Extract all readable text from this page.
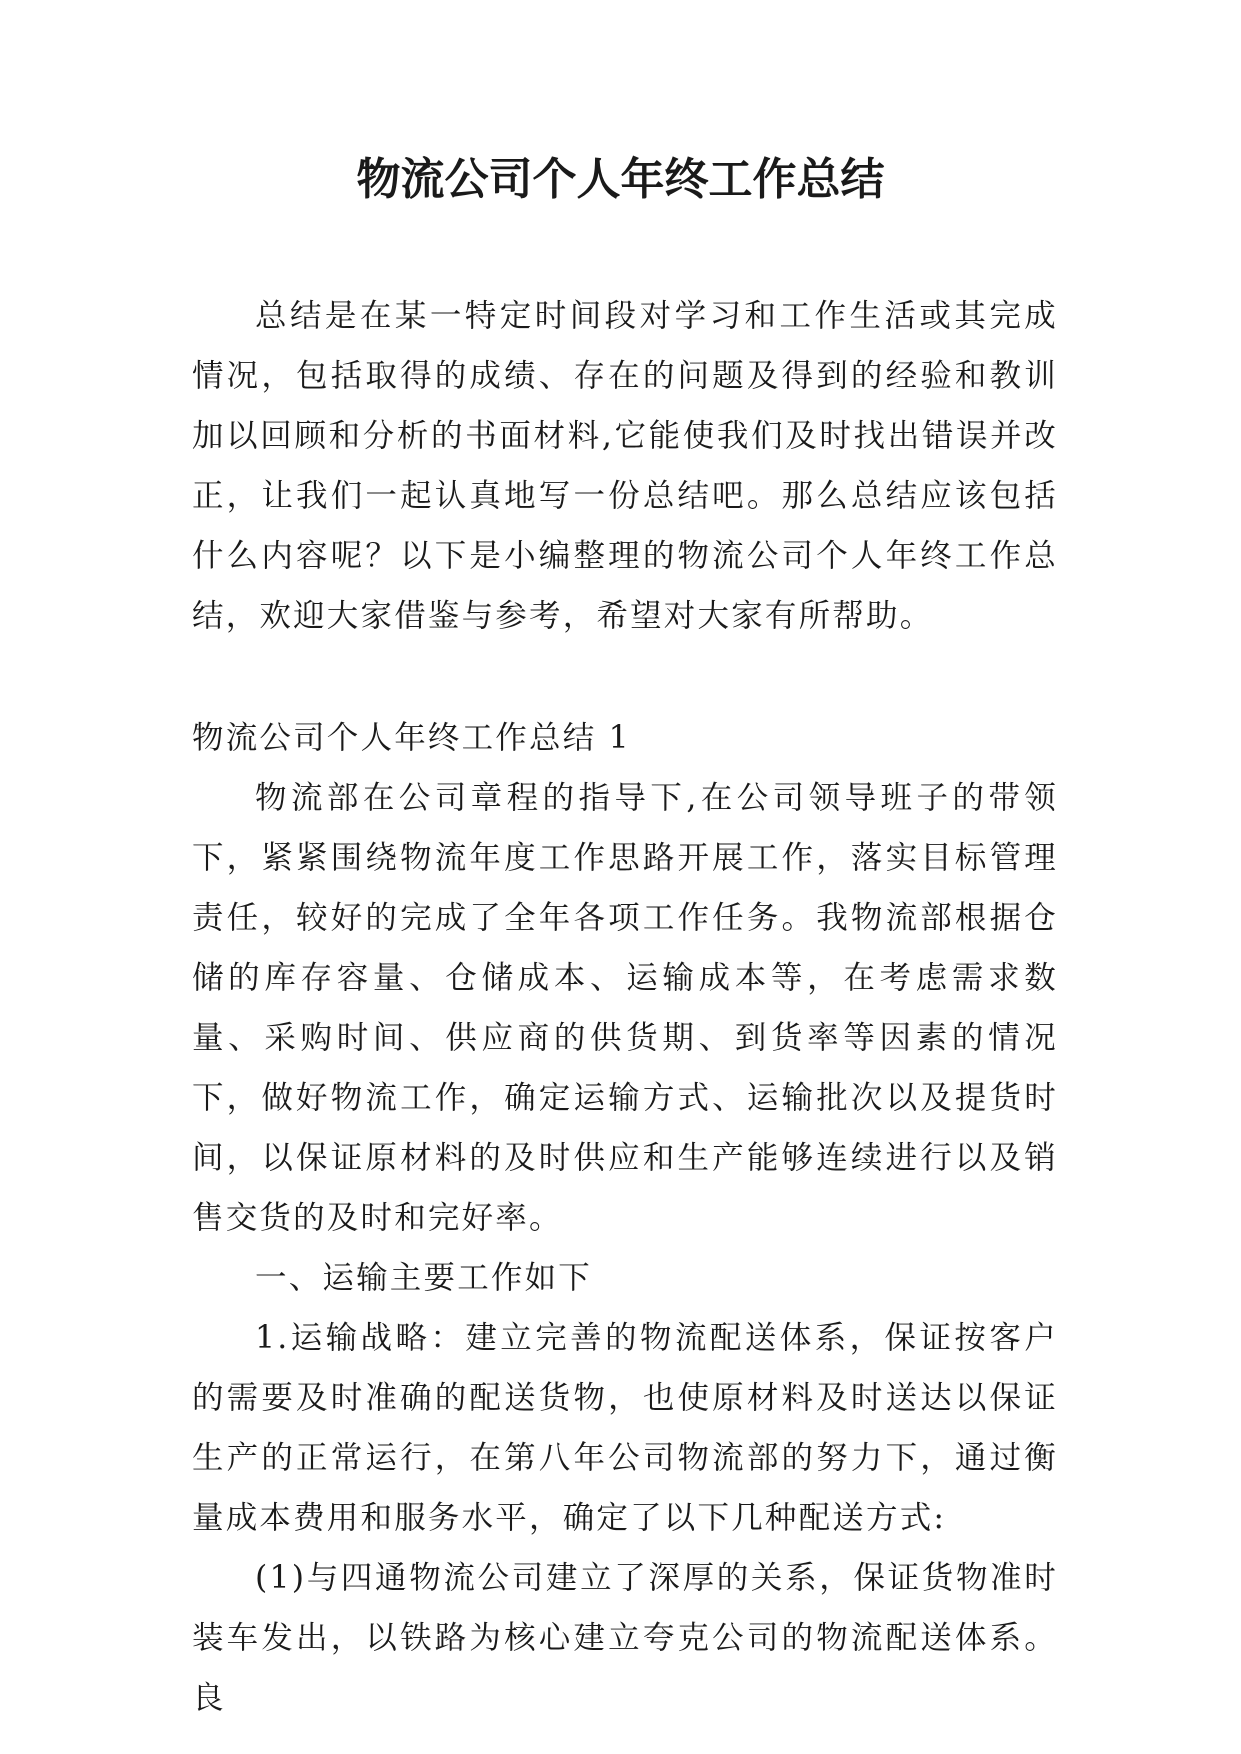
物流公司个人年终工作总结

总结是在某一特定时间段对学习和工作生活或其完成情况，包括取得的成绩、存在的问题及得到的经验和教训加以回顾和分析的书面材料,它能使我们及时找出错误并改正，让我们一起认真地写一份总结吧。那么总结应该包括什么内容呢？以下是小编整理的物流公司个人年终工作总结，欢迎大家借鉴与参考，希望对大家有所帮助。

物流公司个人年终工作总结 1

物流部在公司章程的指导下,在公司领导班子的带领下，紧紧围绕物流年度工作思路开展工作，落实目标管理责任，较好的完成了全年各项工作任务。我物流部根据仓储的库存容量、仓储成本、运输成本等，在考虑需求数量、采购时间、供应商的供货期、到货率等因素的情况下，做好物流工作，确定运输方式、运输批次以及提货时间，以保证原材料的及时供应和生产能够连续进行以及销售交货的及时和完好率。

一、运输主要工作如下

1.运输战略：建立完善的物流配送体系，保证按客户的需要及时准确的配送货物，也使原材料及时送达以保证生产的正常运行，在第八年公司物流部的努力下，通过衡量成本费用和服务水平，确定了以下几种配送方式:

(1)与四通物流公司建立了深厚的关系，保证货物准时装车发出，以铁路为核心建立夸克公司的物流配送体系。良
